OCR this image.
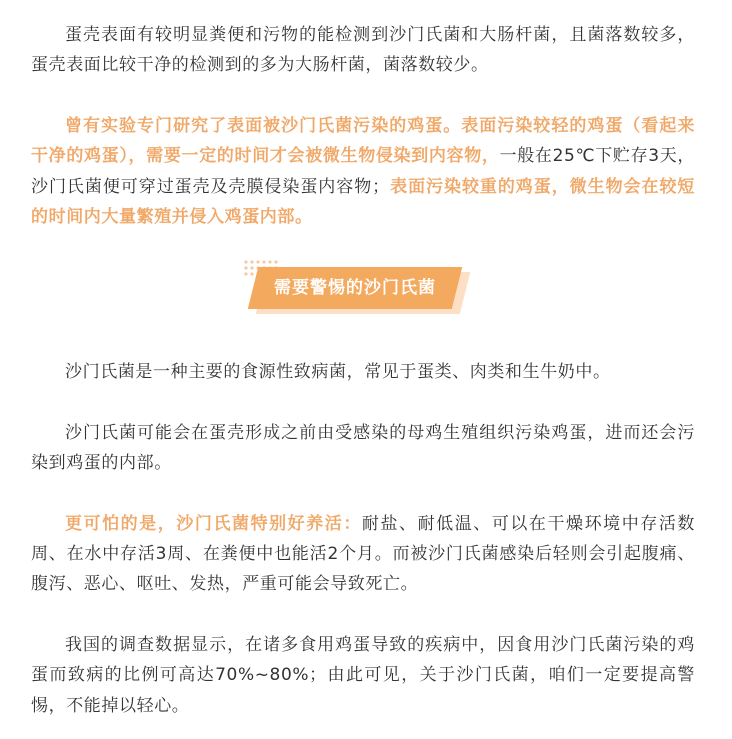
蛋壳表面有较明显粪便和污物的能检测到沙门氏菌和大肠杆菌，且菌落数较多，蛋壳表面比较干净的检测到的多为大肠杆菌，菌落数较少。

曾有实验专门研究了表面被沙门氏菌污染的鸡蛋。表面污染较轻的鸡蛋（看起来干净的鸡蛋），需要一定的时间才会被微生物侵染到内容物，一般在25℃下贮存3天，沙门氏菌便可穿过蛋壳及壳膜侵染蛋内容物；表面污染较重的鸡蛋，微生物会在较短的时间内大量繁殖并侵入鸡蛋内部。

需要警惕的沙门氏菌

沙门氏菌是一种主要的食源性致病菌，常见于蛋类、肉类和生牛奶中。

沙门氏菌可能会在蛋壳形成之前由受感染的母鸡生殖组织污染鸡蛋，进而还会污染到鸡蛋的内部。

更可怕的是，沙门氏菌特别好养活：耐盐、耐低温、可以在干燥环境中存活数周、在水中存活3周、在粪便中也能活2个月。而被沙门氏菌感染后轻则会引起腹痛、腹泻、恶心、呕吐、发热，严重可能会导致死亡。

我国的调查数据显示，在诸多食用鸡蛋导致的疾病中，因食用沙门氏菌污染的鸡蛋而致病的比例可高达70%~80%；由此可见，关于沙门氏菌，咱们一定要提高警惕，不能掉以轻心。
